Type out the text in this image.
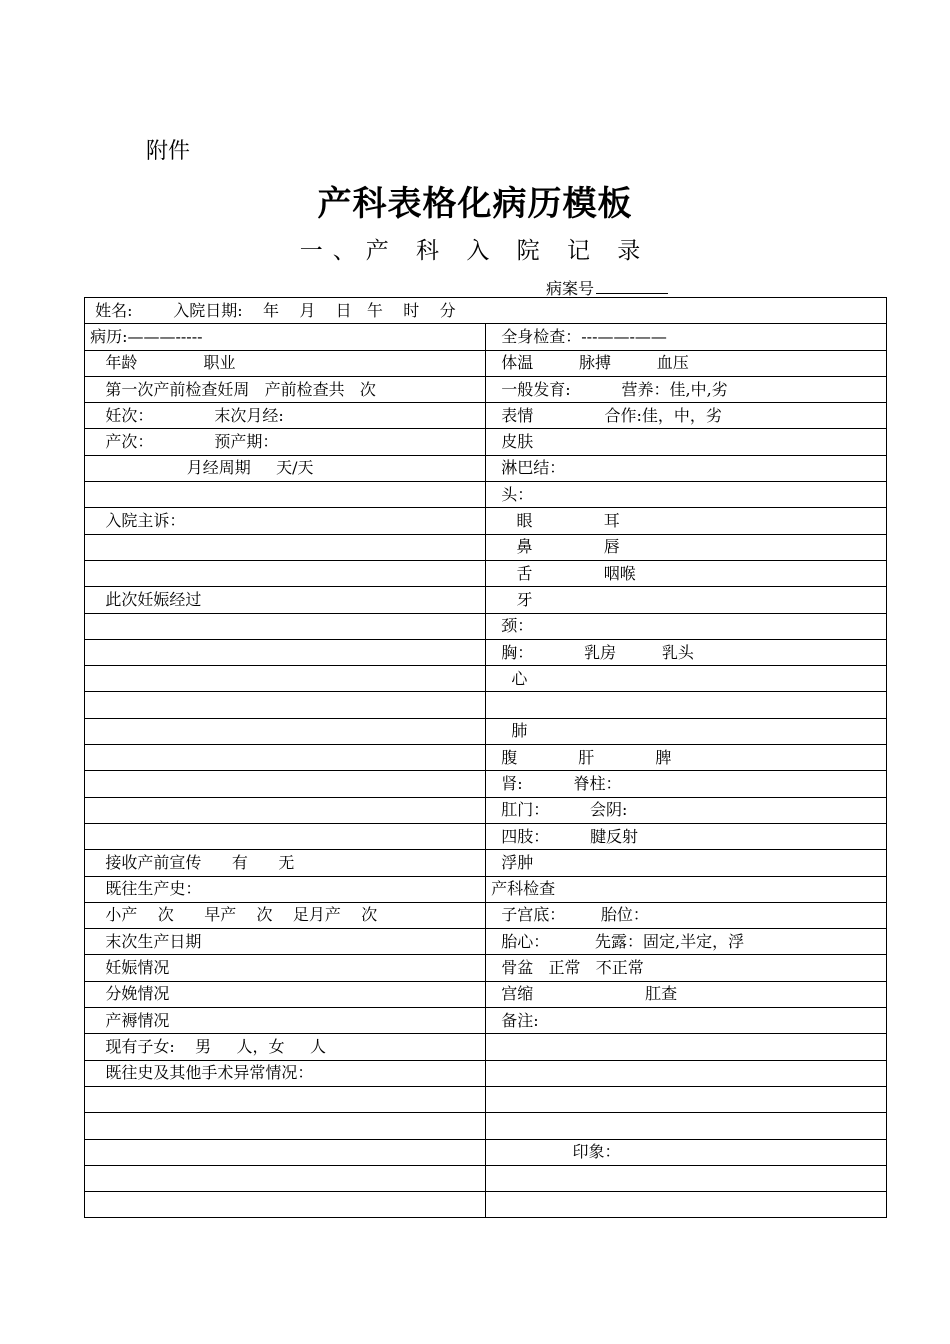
附件
产科表格化病历模板
一、产 科 入 院 记 录
病案号
姓名:        入院日期:    年    月    日   午    时    分	
病历:———-----	全身检查：---——-——
年龄             职业	体温         脉搏         血压
第一次产前检查妊周   产前检查共   次	一般发育:          营养：佳,中,劣
妊次：            末次月经:	表情              合作:佳，中，劣
产次：            预产期：	皮肤
月经周期     天/天	淋巴结：
	头：
入院主诉：	眼              耳
	鼻              唇
	舌              咽喉
此次妊娠经过	牙
	颈：
	胸：          乳房         乳头
	心

	肺
	腹            肝            脾
	肾:          脊柱：
	肛门：        会阴:
	四肢：        腱反射
接收产前宣传      有      无	浮肿
既往生产史：	产科检查
小产    次      早产    次    足月产    次	子宫底：       胎位：
末次生产日期	胎心：         先露：固定,半定，浮
妊娠情况	骨盆   正常   不正常
分娩情况	宫缩                      肛查
产褥情况	备注:
现有子女:    男     人，女     人	
既往史及其他手术异常情况：	

	印象：
